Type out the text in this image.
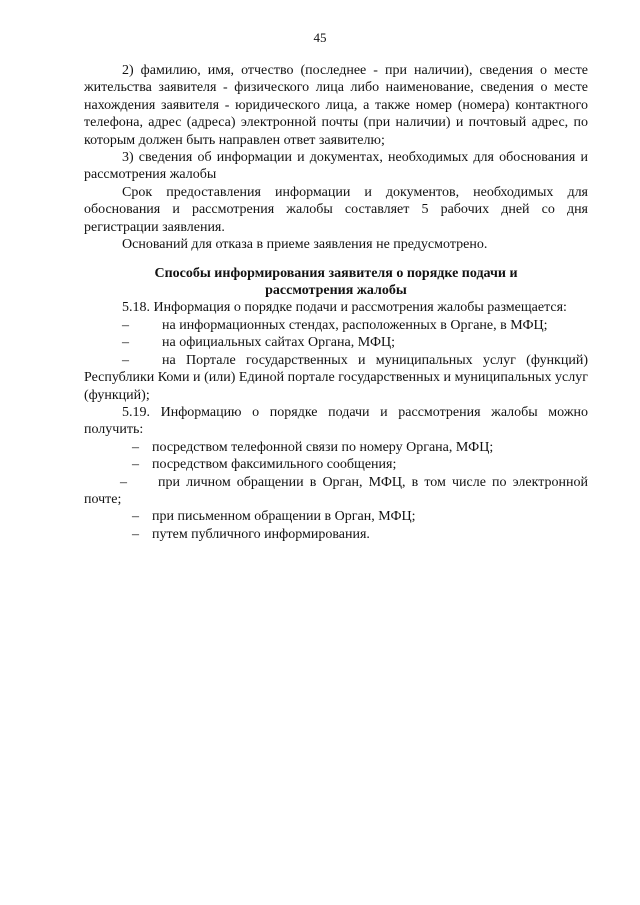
45

2) фамилию, имя, отчество (последнее - при наличии), сведения о месте жительства заявителя - физического лица либо наименование, сведения о месте нахождения заявителя - юридического лица, а также номер (номера) контактного телефона, адрес (адреса) электронной почты (при наличии) и почтовый адрес, по которым должен быть направлен ответ заявителю;

3) сведения об информации и документах, необходимых для обоснования и рассмотрения жалобы

Срок предоставления информации и документов, необходимых для обоснования и рассмотрения жалобы составляет 5 рабочих дней со дня регистрации заявления.

Оснований для отказа в приеме заявления не предусмотрено.

Способы информирования заявителя о порядке подачи и
рассмотрения жалобы

5.18. Информация о порядке подачи и рассмотрения жалобы размещается:

– на информационных стендах, расположенных в Органе, в МФЦ;

– на официальных сайтах Органа, МФЦ;

– на Портале государственных и муниципальных услуг (функций) Республики Коми и (или) Единой портале государственных и муниципальных услуг (функций);

5.19. Информацию о порядке подачи и рассмотрения жалобы можно получить:

– посредством телефонной связи по номеру Органа, МФЦ;

– посредством факсимильного сообщения;

– при личном обращении в Орган, МФЦ, в том числе по электронной почте;

– при письменном обращении в Орган, МФЦ;

– путем публичного информирования.
